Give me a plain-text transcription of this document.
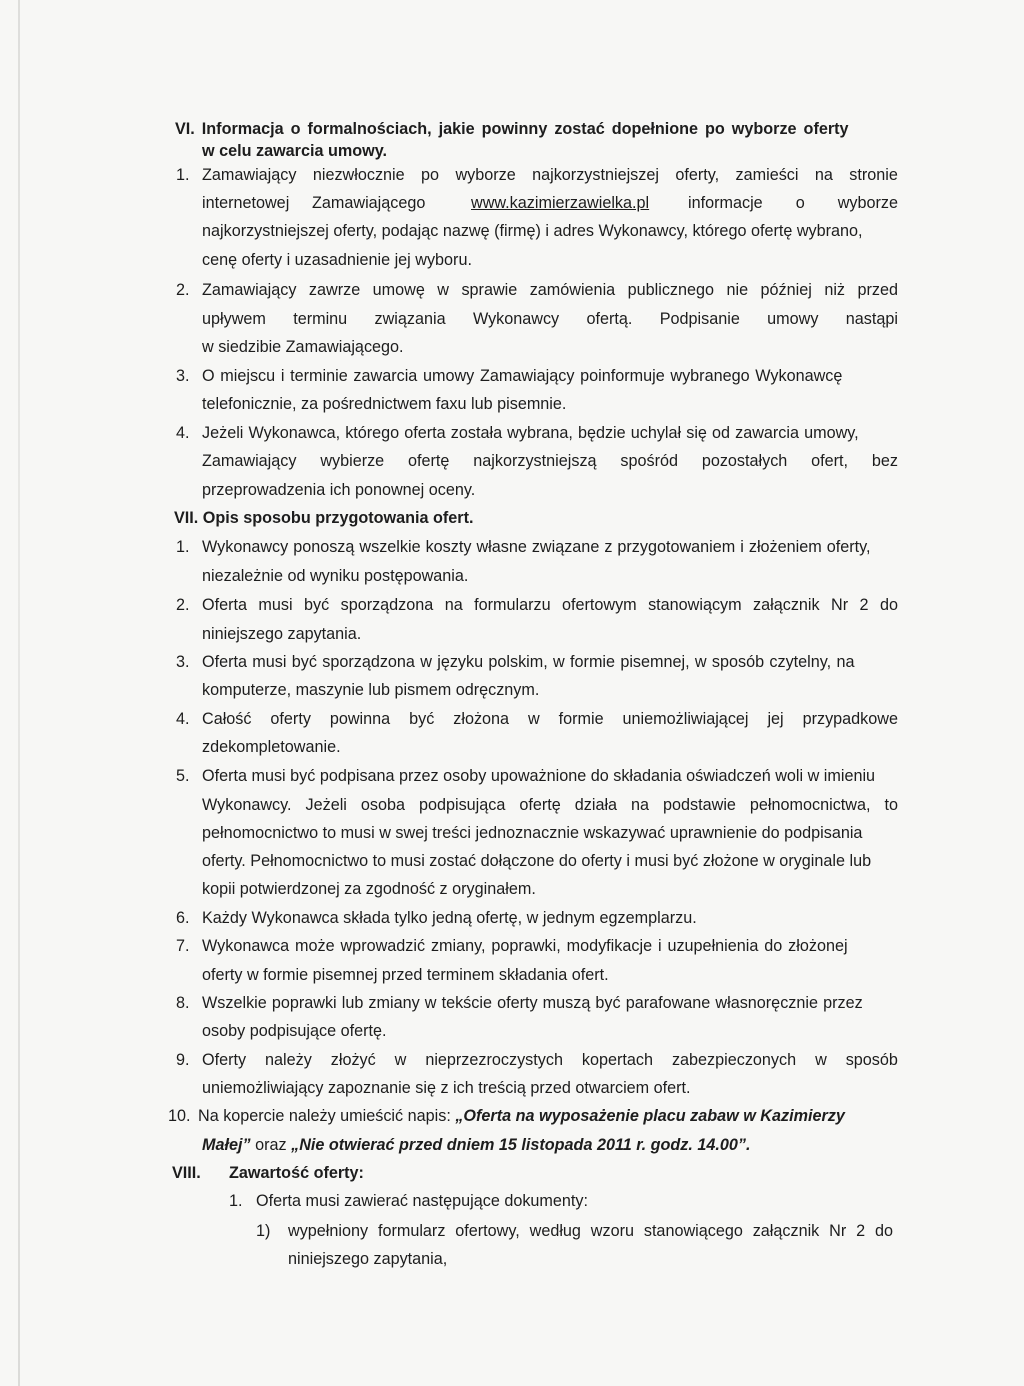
VI. Informacja o formalnościach, jakie powinny zostać dopełnione po wyborze oferty
w celu zawarcia umowy.
1. Zamawiający niezwłocznie po wyborze najkorzystniejszej oferty, zamieści na stronie
internetowej Zamawiającego	www.kazimierzawielka.pl informacje o wyborze
najkorzystniejszej oferty, podając nazwę (firmę) i adres Wykonawcy, którego ofertę wybrano,
cenę oferty i uzasadnienie jej wyboru.
2. Zamawiający zawrze umowę w sprawie zamówienia publicznego nie później niż przed
upływem terminu związania Wykonawcy ofertą. Podpisanie umowy nastąpi
w siedzibie Zamawiającego.
3. O miejscu i terminie zawarcia umowy Zamawiający poinformuje wybranego Wykonawcę
telefonicznie, za pośrednictwem faxu lub pisemnie.
4. Jeżeli Wykonawca, którego oferta została wybrana, będzie uchylał się od zawarcia umowy,
Zamawiający wybierze ofertę najkorzystniejszą spośród pozostałych ofert, bez
przeprowadzenia ich ponownej oceny.
VII. Opis sposobu przygotowania ofert.
1. Wykonawcy ponoszą wszelkie koszty własne związane z przygotowaniem i złożeniem oferty,
niezależnie od wyniku postępowania.
2. Oferta musi być sporządzona na formularzu ofertowym stanowiącym załącznik Nr 2 do
niniejszego zapytania.
3. Oferta musi być sporządzona w języku polskim, w formie pisemnej, w sposób czytelny, na
komputerze, maszynie lub pismem odręcznym.
4. Całość oferty powinna być złożona w formie uniemożliwiającej jej przypadkowe
zdekompletowanie.
5. Oferta musi być podpisana przez osoby upoważnione do składania oświadczeń woli w imieniu
Wykonawcy. Jeżeli osoba podpisująca ofertę działa na podstawie pełnomocnictwa, to
pełnomocnictwo to musi w swej treści jednoznacznie wskazywać uprawnienie do podpisania
oferty. Pełnomocnictwo to musi zostać dołączone do oferty i musi być złożone w oryginale lub
kopii potwierdzonej za zgodność z oryginałem.
6. Każdy Wykonawca składa tylko jedną ofertę, w jednym egzemplarzu.
7. Wykonawca może wprowadzić zmiany, poprawki, modyfikacje i uzupełnienia do złożonej
oferty w formie pisemnej przed terminem składania ofert.
8. Wszelkie poprawki lub zmiany w tekście oferty muszą być parafowane własnoręcznie przez
osoby podpisujące ofertę.
9. Oferty należy złożyć w nieprzezroczystych kopertach zabezpieczonych w sposób
uniemożliwiający zapoznanie się z ich treścią przed otwarciem ofert.
10. Na kopercie należy umieścić napis: „Oferta na wyposażenie placu zabaw w Kazimierzy
Małej” oraz „Nie otwierać przed dniem 15 listopada 2011 r. godz. 14.00”.
VIII. Zawartość oferty:
1. Oferta musi zawierać następujące dokumenty:
1) wypełniony formularz ofertowy, według wzoru stanowiącego załącznik Nr 2 do
niniejszego zapytania,
